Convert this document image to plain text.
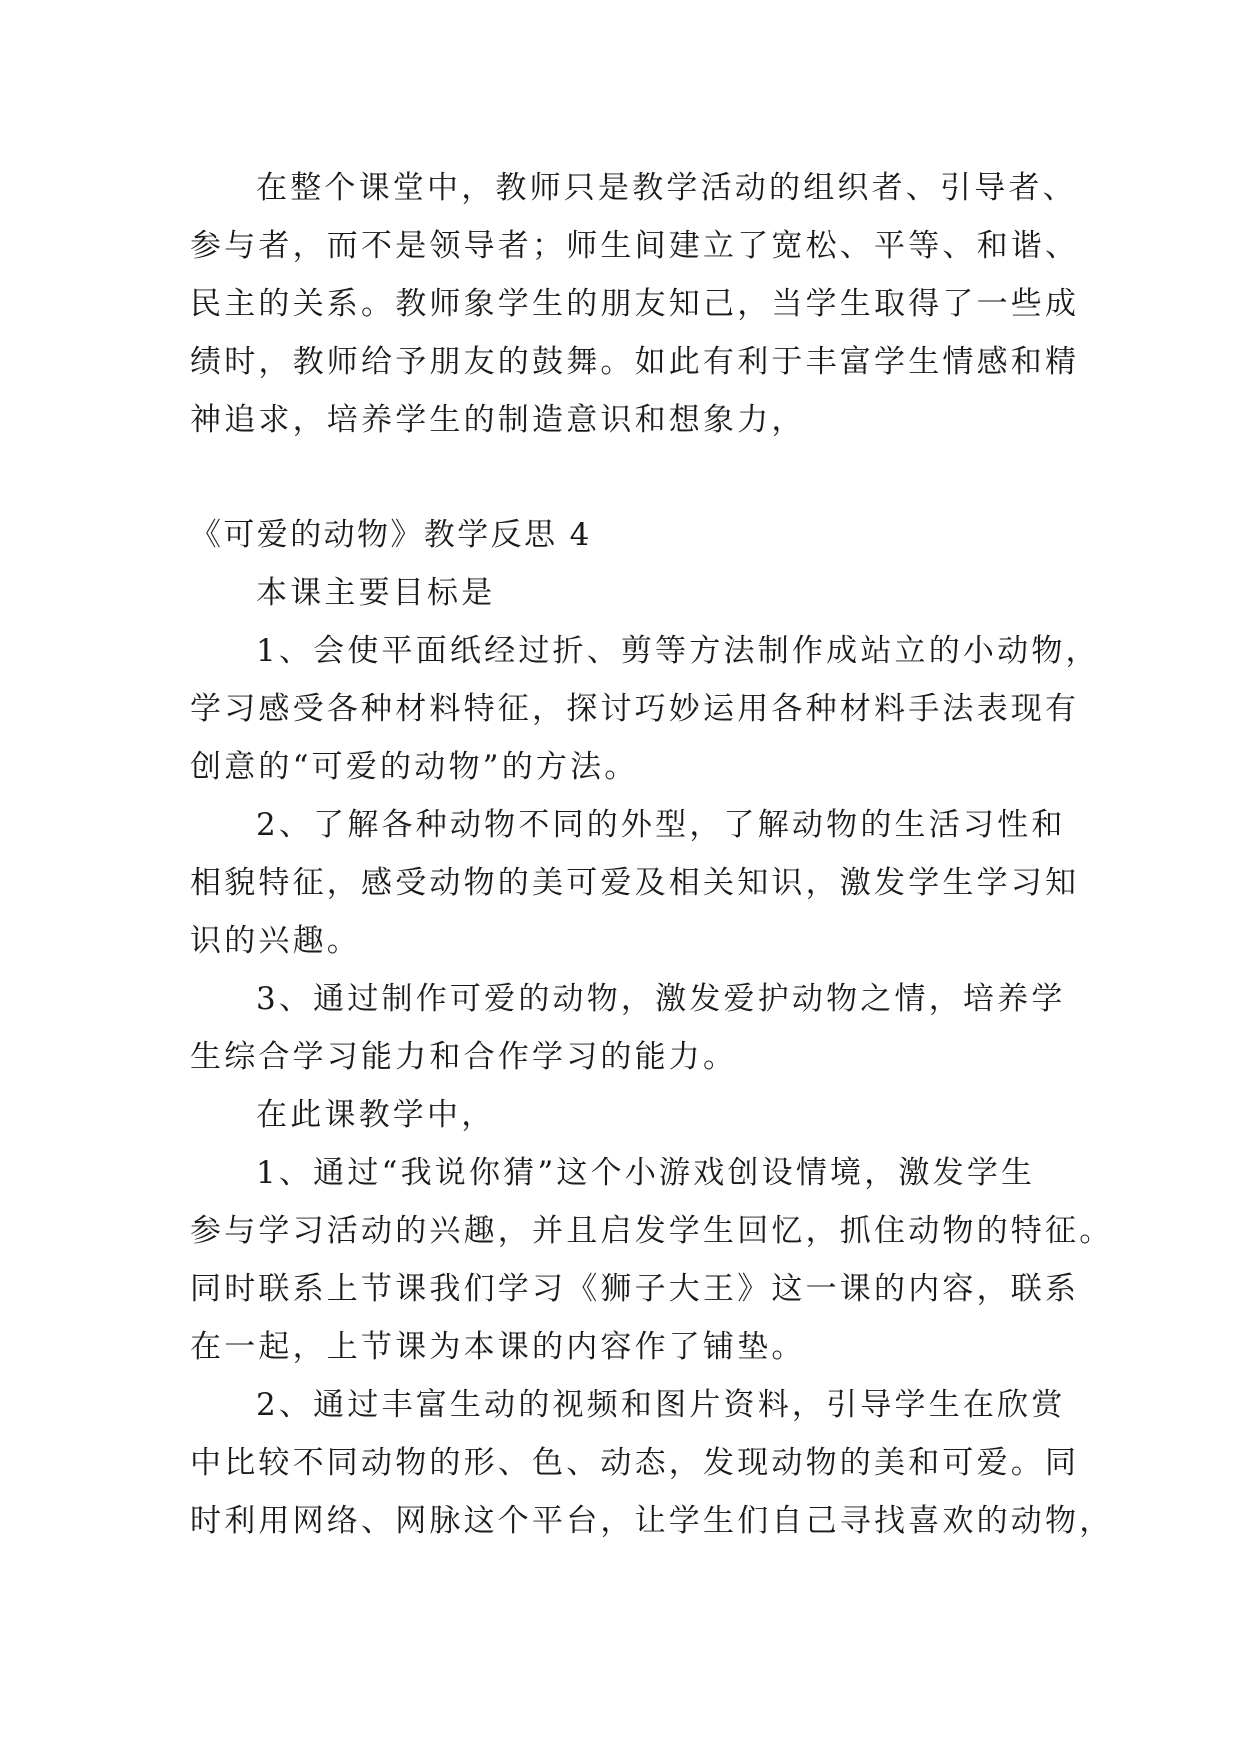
在整个课堂中，教师只是教学活动的组织者、引导者、
参与者，而不是领导者；师生间建立了宽松、平等、和谐、
民主的关系。教师象学生的朋友知己，当学生取得了一些成
绩时，教师给予朋友的鼓舞。如此有利于丰富学生情感和精
神追求，培养学生的制造意识和想象力，
《可爱的动物》教学反思 4
本课主要目标是
1、会使平面纸经过折、剪等方法制作成站立的小动物，
学习感受各种材料特征，探讨巧妙运用各种材料手法表现有
创意的“可爱的动物”的方法。
2、了解各种动物不同的外型，了解动物的生活习性和
相貌特征，感受动物的美可爱及相关知识，激发学生学习知
识的兴趣。
3、通过制作可爱的动物，激发爱护动物之情，培养学
生综合学习能力和合作学习的能力。
在此课教学中，
1、通过“我说你猜”这个小游戏创设情境，激发学生
参与学习活动的兴趣，并且启发学生回忆，抓住动物的特征。
同时联系上节课我们学习《狮子大王》这一课的内容，联系
在一起，上节课为本课的内容作了铺垫。
2、通过丰富生动的视频和图片资料，引导学生在欣赏
中比较不同动物的形、色、动态，发现动物的美和可爱。同
时利用网络、网脉这个平台，让学生们自己寻找喜欢的动物，
